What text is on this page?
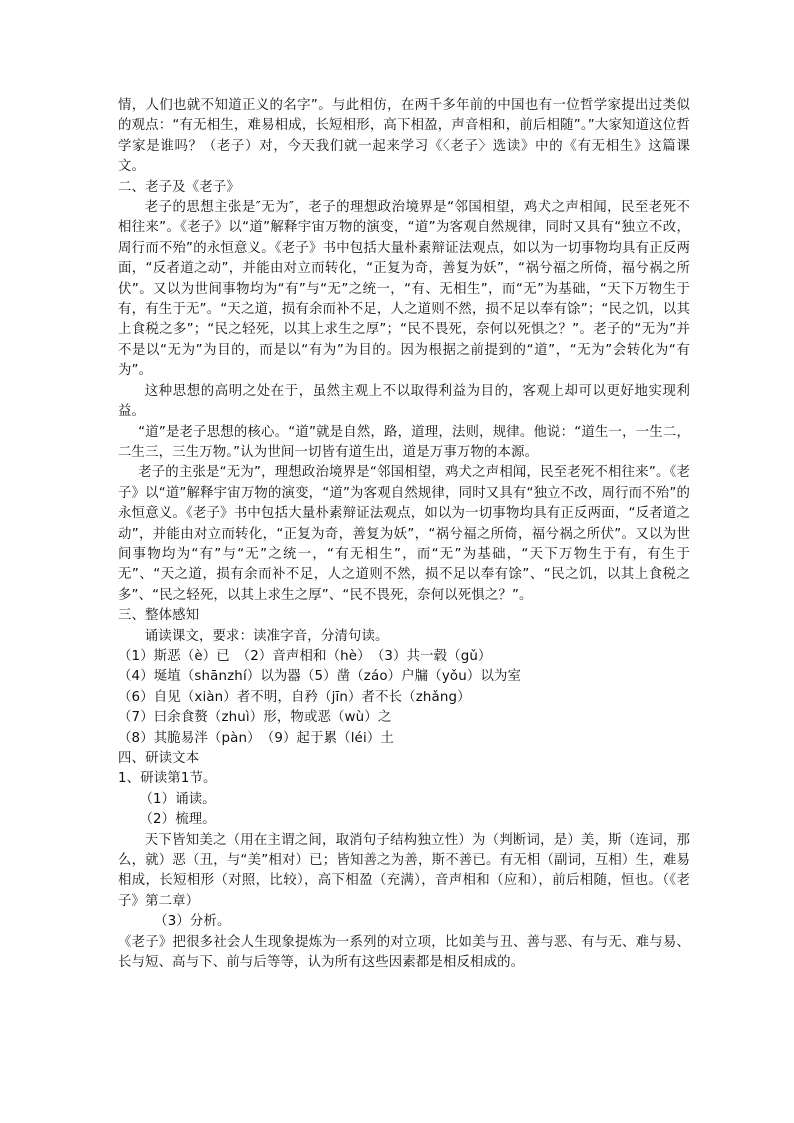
情，人们也就不知道正义的名字”。与此相仿，在两千多年前的中国也有一位哲学家提出过类似的观点：“有无相生，难易相成，长短相形，高下相盈，声音相和，前后相随”。”大家知道这位哲学家是谁吗？（老子）对，今天我们就一起来学习《〈老子〉选读》中的《有无相生》这篇课文。

二、老子及《老子》

老子的思想主张是″无为″，老子的理想政治境界是“邻国相望，鸡犬之声相闻，民至老死不相往来”。《老子》以“道”解释宇宙万物的演变，“道”为客观自然规律，同时又具有“独立不改，周行而不殆”的永恒意义。《老子》书中包括大量朴素辩证法观点，如以为一切事物均具有正反两面，“反者道之动”，并能由对立而转化，“正复为奇，善复为妖”，“祸兮福之所倚，福兮祸之所伏”。又以为世间事物均为“有”与“无”之统一，“有、无相生”，而“无”为基础，“天下万物生于有，有生于无”。“天之道，损有余而补不足，人之道则不然，损不足以奉有馀”；“民之饥，以其上食税之多”；“民之轻死，以其上求生之厚”；“民不畏死，奈何以死惧之？”。老子的“无为”并不是以“无为”为目的，而是以“有为”为目的。因为根据之前提到的“道”，“无为”会转化为“有为”。

这种思想的高明之处在于，虽然主观上不以取得利益为目的，客观上却可以更好地实现利益。

“道”是老子思想的核心。“道”就是自然，路，道理，法则，规律。他说：“道生一，一生二，二生三，三生万物。”认为世间一切皆有道生出，道是万事万物的本源。

老子的主张是“无为”，理想政治境界是“邻国相望，鸡犬之声相闻，民至老死不相往来”。《老子》以“道”解释宇宙万物的演变，“道”为客观自然规律，同时又具有“独立不改，周行而不殆”的永恒意义。《老子》书中包括大量朴素辩证法观点，如以为一切事物均具有正反两面，“反者道之动”，并能由对立而转化，“正复为奇，善复为妖”，“祸兮福之所倚，福兮祸之所伏”。又以为世间事物均为“有”与“无”之统一，“有无相生”，而“无”为基础，“天下万物生于有，有生于无”、“天之道，损有余而补不足，人之道则不然，损不足以奉有馀”、“民之饥，以其上食税之多”、“民之轻死，以其上求生之厚”、“民不畏死，奈何以死惧之？”。

三、整体感知

诵读课文，要求：读准字音，分清句读。

（1）斯恶（è）已　（2）音声相和（hè）　（3）共一毂（gǔ）

（4）埏埴（shānzhí）以为器（5）凿（záo）户牖（yǒu）以为室

（6）自见（xiàn）者不明，自矜（jīn）者不长（zhǎng）

（7）曰余食赘（zhuì）形，物或恶（wù）之

（8）其脆易泮（pàn）　（9）起于累（léi）土

四、研读文本

1、研读第1节。

（1）诵读。

（2）梳理。

天下皆知美之（用在主谓之间，取消句子结构独立性）为（判断词，是）美，斯（连词，那么，就）恶（丑，与“美”相对）已；皆知善之为善，斯不善已。有无相（副词，互相）生，难易相成，长短相形（对照，比较），高下相盈（充满），音声相和（应和），前后相随，恒也。（《老子》第二章）

（3）分析。

《老子》把很多社会人生现象提炼为一系列的对立项，比如美与丑、善与恶、有与无、难与易、长与短、高与下、前与后等等，认为所有这些因素都是相反相成的。
